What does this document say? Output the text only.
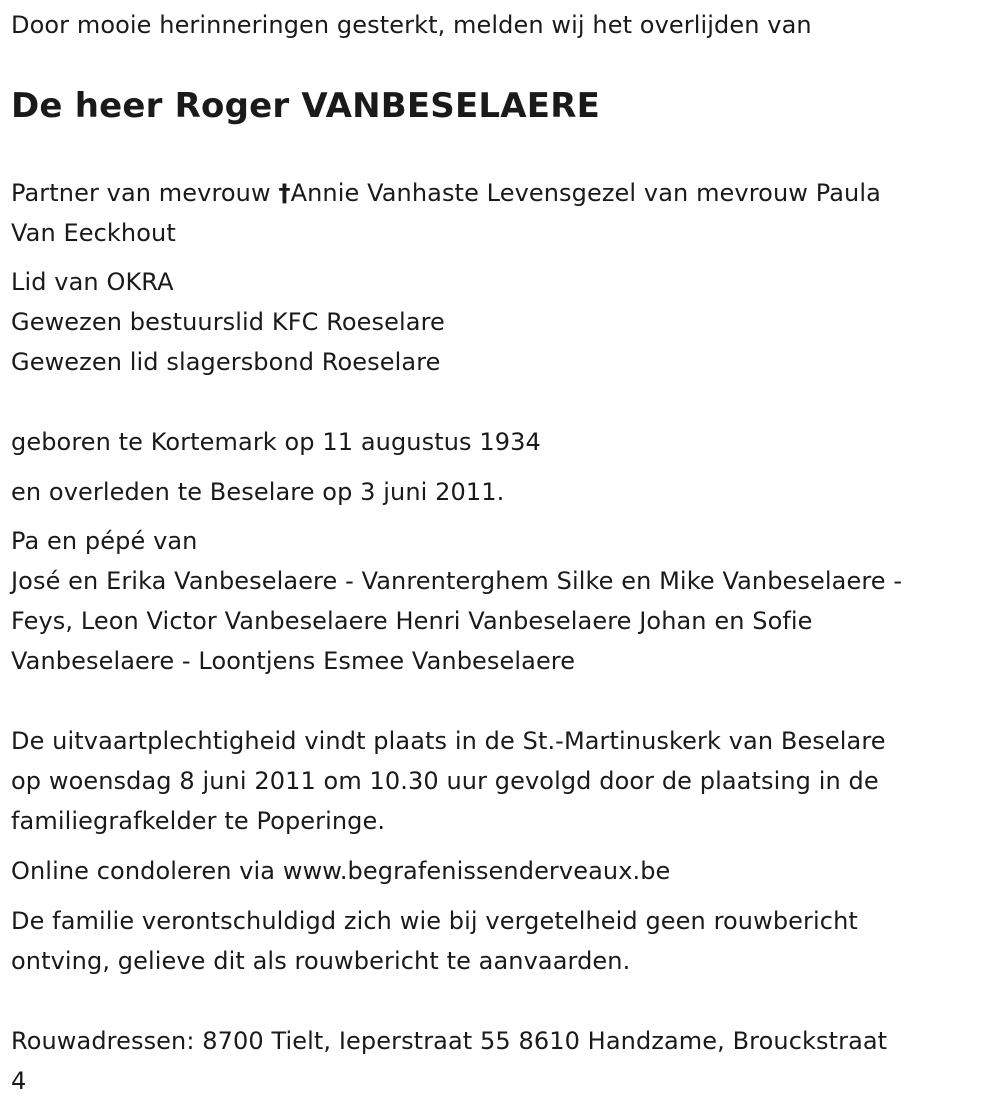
Door mooie herinneringen gesterkt, melden wij het overlijden van
De heer Roger VANBESELAERE
Partner van mevrouw †Annie Vanhaste Levensgezel van mevrouw Paula
Van Eeckhout
Lid van OKRA
Gewezen bestuurslid KFC Roeselare
Gewezen lid slagersbond Roeselare
geboren te Kortemark op 11 augustus 1934
en overleden te Beselare op 3 juni 2011.
Pa en pépé van
José en Erika Vanbeselaere - Vanrenterghem Silke en Mike Vanbeselaere -
Feys, Leon Victor Vanbeselaere Henri Vanbeselaere Johan en Sofie
Vanbeselaere - Loontjens Esmee Vanbeselaere
De uitvaartplechtigheid vindt plaats in de St.-Martinuskerk van Beselare
op woensdag 8 juni 2011 om 10.30 uur gevolgd door de plaatsing in de
familiegrafkelder te Poperinge.
Online condoleren via www.begrafenissenderveaux.be
De familie verontschuldigd zich wie bij vergetelheid geen rouwbericht
ontving, gelieve dit als rouwbericht te aanvaarden.
Rouwadressen: 8700 Tielt, Ieperstraat 55 8610 Handzame, Brouckstraat
4
